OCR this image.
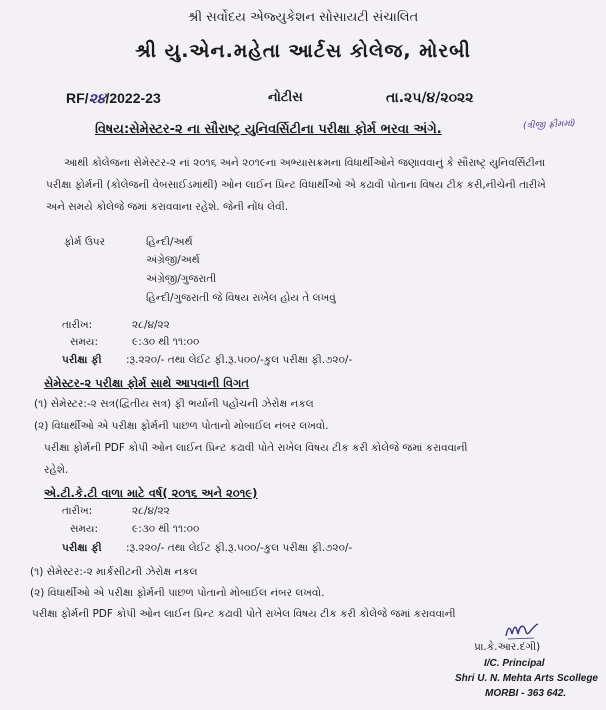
શ્રી સર્વોદય એજ્યુકેશન સોસાયટી સંચાલિત
શ્રી યુ.એન.મહેતા આર્ટસ કોલેજ, મોરબી
RF/૨૪/2022-23	નોટીસ	તા.૨૫/૪/૨૦૨૨
વિષય:સેમેસ્ટર-૨ ના સૌરાષ્ટ્ર યુનિવર્સિટીના પરીક્ષા ફોર્મ ભરવા અંગે.	(ત્રીજી ફ્રીમમાં)
આથી કોલેજના સેમેસ્ટર-૨ નાં ૨૦૧૬ અને ૨૦૧૯ના અભ્યાસક્રમના વિધાર્થીઓને જણાવવાનું કે સૌરાષ્ટ્ર યુનિવર્સિટીના પરીક્ષા ફોર્મની (કોલેજની વેબસાઈડમાંથી) ઓન લાઈન પ્રિન્ટ વિધાર્થીઓ એ કઢાવી પોતાના વિષય ટીક કરી,નીચેની તારીખે અને સમયે કોલેજે જમાં કરાવવાના રહેશે. જેની નોંધ લેવી.
ફોર્મ ઉપર	હિન્દી/અર્થ
અંગ્રેજી/અર્થ
અંગ્રેજી/ગુજરાતી
હિન્દી/ગુજરાતી જે વિષય રાખેલ હોય તે લખવું
તારીખ:	૨૮/૪/૨૨
સમય:	૯:૩૦ થી ૧૧:૦૦
પરીક્ષા ફી :રૂ.૨૨૦/- તથા લેઈટ ફી.રૂ.૫૦૦/-કુલ પરીક્ષા ફી.૭૨૦/-
સેમેસ્ટર-૨ પરીક્ષા ફોર્મ સાથે આપવાની વિગત
(૧) સેમેસ્ટર:-૨ સત્ર(દ્વિતીય સત્ર) ફી ભર્યાની પહોંચની ઝેરોક્ષ નકલ
(૨) વિધાર્થીઓ એ પરીક્ષા ફોર્મની પાછળ પોતાનો મોબાઈલ નંબર લખવો.
પરીક્ષા ફોર્મની PDF કોપી ઓન લાઈન પ્રિન્ટ કઢાવી પોતે રાખેલ વિષય ટીક કરી કોલેજે જમાં કરાવવાની
રહેશે.
એ.ટી.કે.ટી વાળા માટે વર્ષ( ૨૦૧૬ અને ૨૦૧૯)
તારીખ:	૨૮/૪/૨૨
સમય:	૯:૩૦ થી ૧૧:૦૦
પરીક્ષા ફી :રૂ.૨૨૦/- તથા લેઈટ ફી.રૂ.૫૦૦/-કુલ પરીક્ષા ફી.૭૨૦/-
(૧) સેમેસ્ટર:-૨ માર્કસીટની ઝેરોક્ષ નકલ
(૨) વિધાર્થીઓ એ પરીક્ષા ફોર્મની પાછળ પોતાનો મોબાઈલ નંબર લખવો.
પરીક્ષા ફોર્મની PDF કોપી ઓન લાઈન પ્રિન્ટ કઢાવી પોતે રાખેલ વિષય ટીક કરી કોલેજે જમાં કરાવવાની
પ્રા.કે.આર.દંગી)
I/C. Principal
Shri U. N. Mehta Arts Scollege
MORBI - 363 642.
